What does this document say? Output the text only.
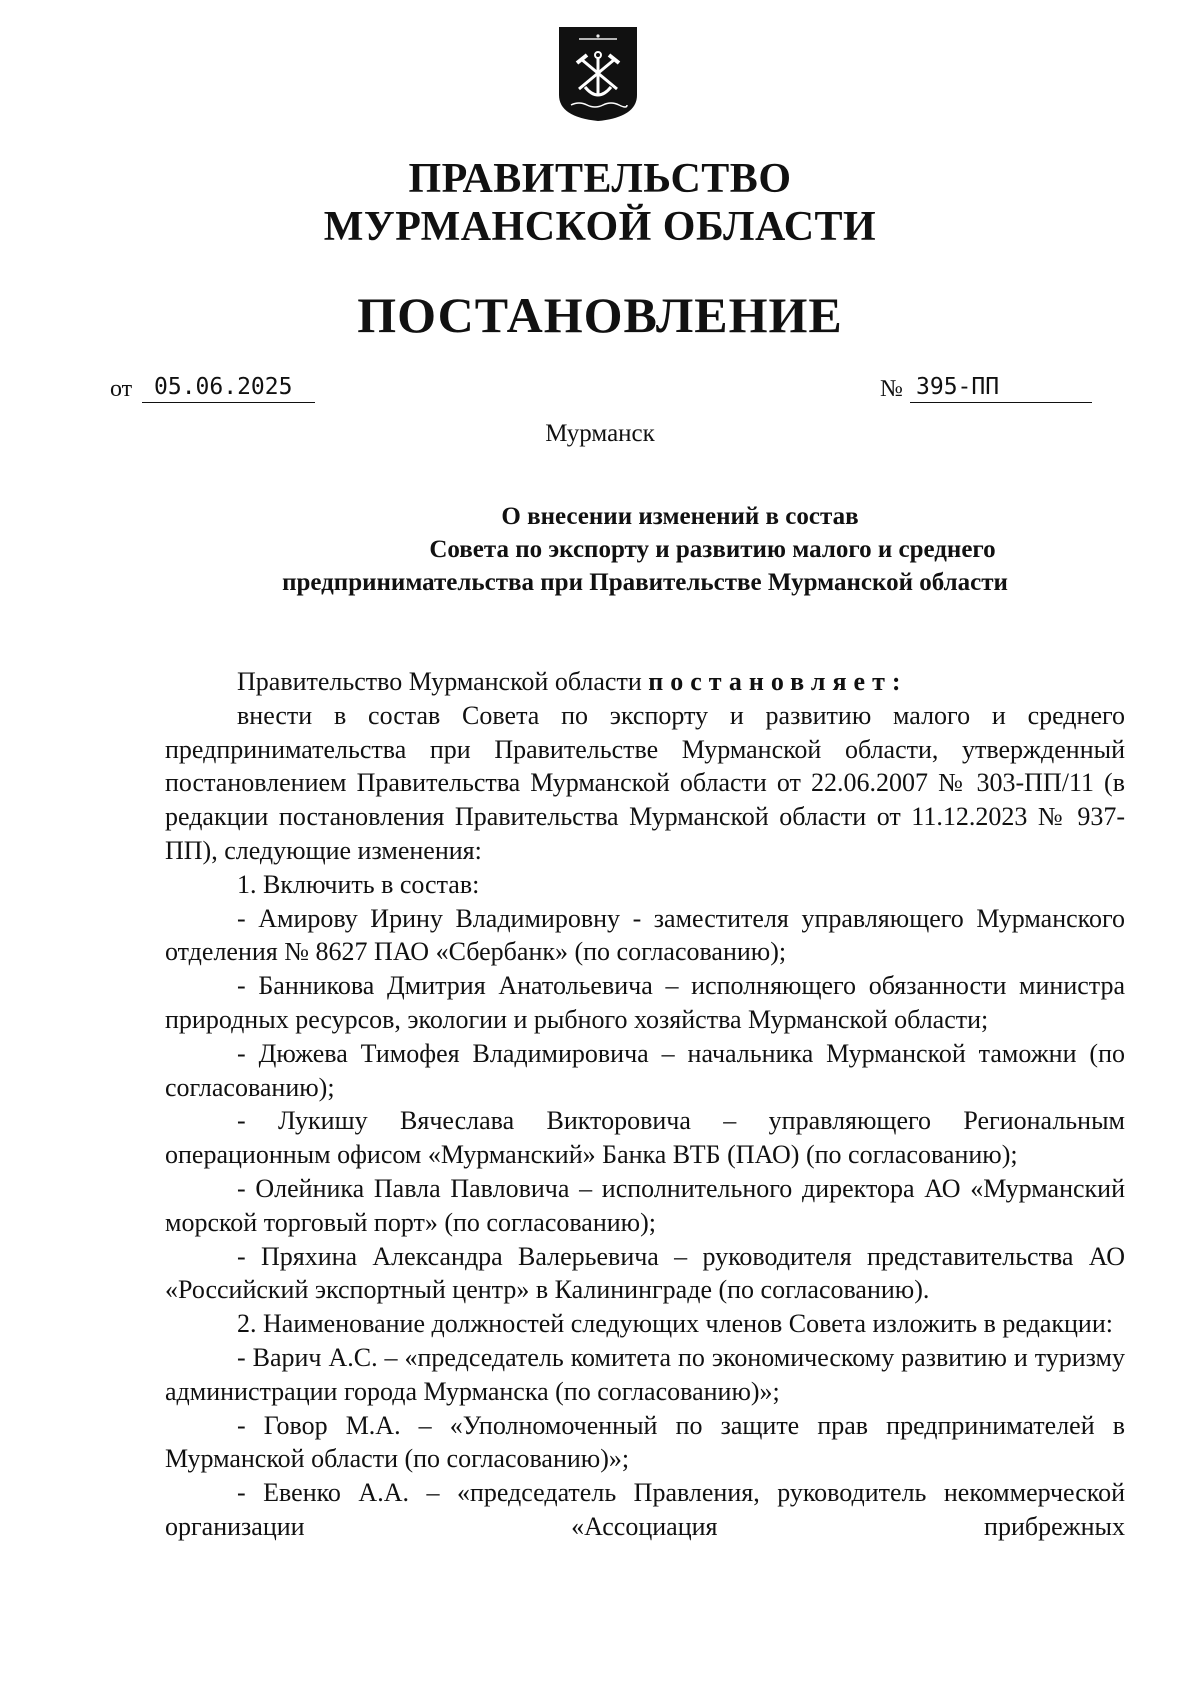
ПРАВИТЕЛЬСТВО
МУРМАНСКОЙ ОБЛАСТИ
ПОСТАНОВЛЕНИЕ
от 05.06.2025	№ 395-ПП
Мурманск
О внесении изменений в состав
Совета по экспорту и развитию малого и среднего
предпринимательства при Правительстве Мурманской области

Правительство Мурманской области постановляет:

внести в состав Совета по экспорту и развитию малого и среднего предпринимательства при Правительстве Мурманской области, утвержденный постановлением Правительства Мурманской области от 22.06.2007 № 303-ПП/11 (в редакции постановления Правительства Мурманской области от 11.12.2023 № 937-ПП), следующие изменения:

1. Включить в состав:

- Амирову Ирину Владимировну - заместителя управляющего Мурманского отделения № 8627 ПАО «Сбербанк» (по согласованию);

- Банникова Дмитрия Анатольевича – исполняющего обязанности министра природных ресурсов, экологии и рыбного хозяйства Мурманской области;

- Дюжева Тимофея Владимировича – начальника Мурманской таможни (по согласованию);

- Лукишу Вячеслава Викторовича – управляющего Региональным операционным офисом «Мурманский» Банка ВТБ (ПАО) (по согласованию);

- Олейника Павла Павловича – исполнительного директора АО «Мурманский морской торговый порт» (по согласованию);

- Пряхина Александра Валерьевича – руководителя представительства АО «Российский экспортный центр» в Калининграде (по согласованию).

2. Наименование должностей следующих членов Совета изложить в редакции:

- Варич А.С. – «председатель комитета по экономическому развитию и туризму администрации города Мурманска (по согласованию)»;

- Говор М.А. – «Уполномоченный по защите прав предпринимателей в Мурманской области (по согласованию)»;

- Евенко А.А. – «председатель Правления, руководитель некоммерческой организации «Ассоциация прибрежных
